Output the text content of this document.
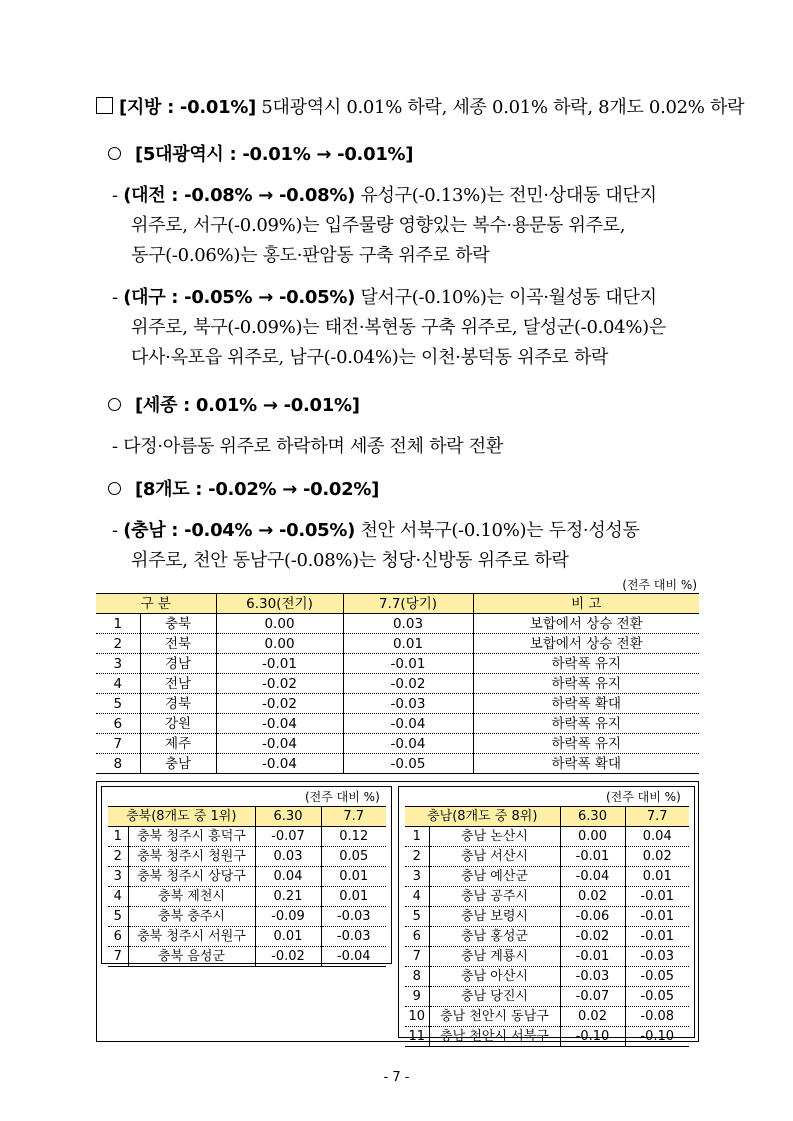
[지방 : -0.01%] 5대광역시 0.01% 하락, 세종 0.01% 하락, 8개도 0.02% 하락
[5대광역시 : -0.01% → -0.01%]
- (대전 : -0.08% → -0.08%) 유성구(-0.13%)는 전민·상대동 대단지
위주로, 서구(-0.09%)는 입주물량 영향있는 복수·용문동 위주로,
동구(-0.06%)는 홍도·판암동 구축 위주로 하락
- (대구 : -0.05% → -0.05%) 달서구(-0.10%)는 이곡·월성동 대단지
위주로, 북구(-0.09%)는 태전·복현동 구축 위주로, 달성군(-0.04%)은
다사·옥포읍 위주로, 남구(-0.04%)는 이천·봉덕동 위주로 하락
[세종 : 0.01% → -0.01%]
- 다정·아름동 위주로 하락하며 세종 전체 하락 전환
[8개도 : -0.02% → -0.02%]
- (충남 : -0.04% → -0.05%) 천안 서북구(-0.10%)는 두정·성성동
위주로, 천안 동남구(-0.08%)는 청당·신방동 위주로 하락
(전주 대비 %)
구 분		6.30(전기)	7.7(당기)	비 고
1	충북	0.00	0.03	보합에서 상승 전환
2	전북	0.00	0.01	보합에서 상승 전환
3	경남	-0.01	-0.01	하락폭 유지
4	전남	-0.02	-0.02	하락폭 유지
5	경북	-0.02	-0.03	하락폭 확대
6	강원	-0.04	-0.04	하락폭 유지
7	제주	-0.04	-0.04	하락폭 유지
8	충남	-0.04	-0.05	하락폭 확대
(전주 대비 %)
충북(8개도 중 1위)		6.30	7.7
1	충북 청주시 흥덕구	-0.07	0.12
2	충북 청주시 청원구	0.03	0.05
3	충북 청주시 상당구	0.04	0.01
4	충북 제천시	0.21	0.01
5	충북 충주시	-0.09	-0.03
6	충북 청주시 서원구	0.01	-0.03
7	충북 음성군	-0.02	-0.04
(전주 대비 %)
충남(8개도 중 8위)		6.30	7.7
1	충남 논산시	0.00	0.04
2	충남 서산시	-0.01	0.02
3	충남 예산군	-0.04	0.01
4	충남 공주시	0.02	-0.01
5	충남 보령시	-0.06	-0.01
6	충남 홍성군	-0.02	-0.01
7	충남 계룡시	-0.01	-0.03
8	충남 아산시	-0.03	-0.05
9	충남 당진시	-0.07	-0.05
10	충남 천안시 동남구	0.02	-0.08
11	충남 천안시 서북구	-0.10	-0.10
- 7 -
